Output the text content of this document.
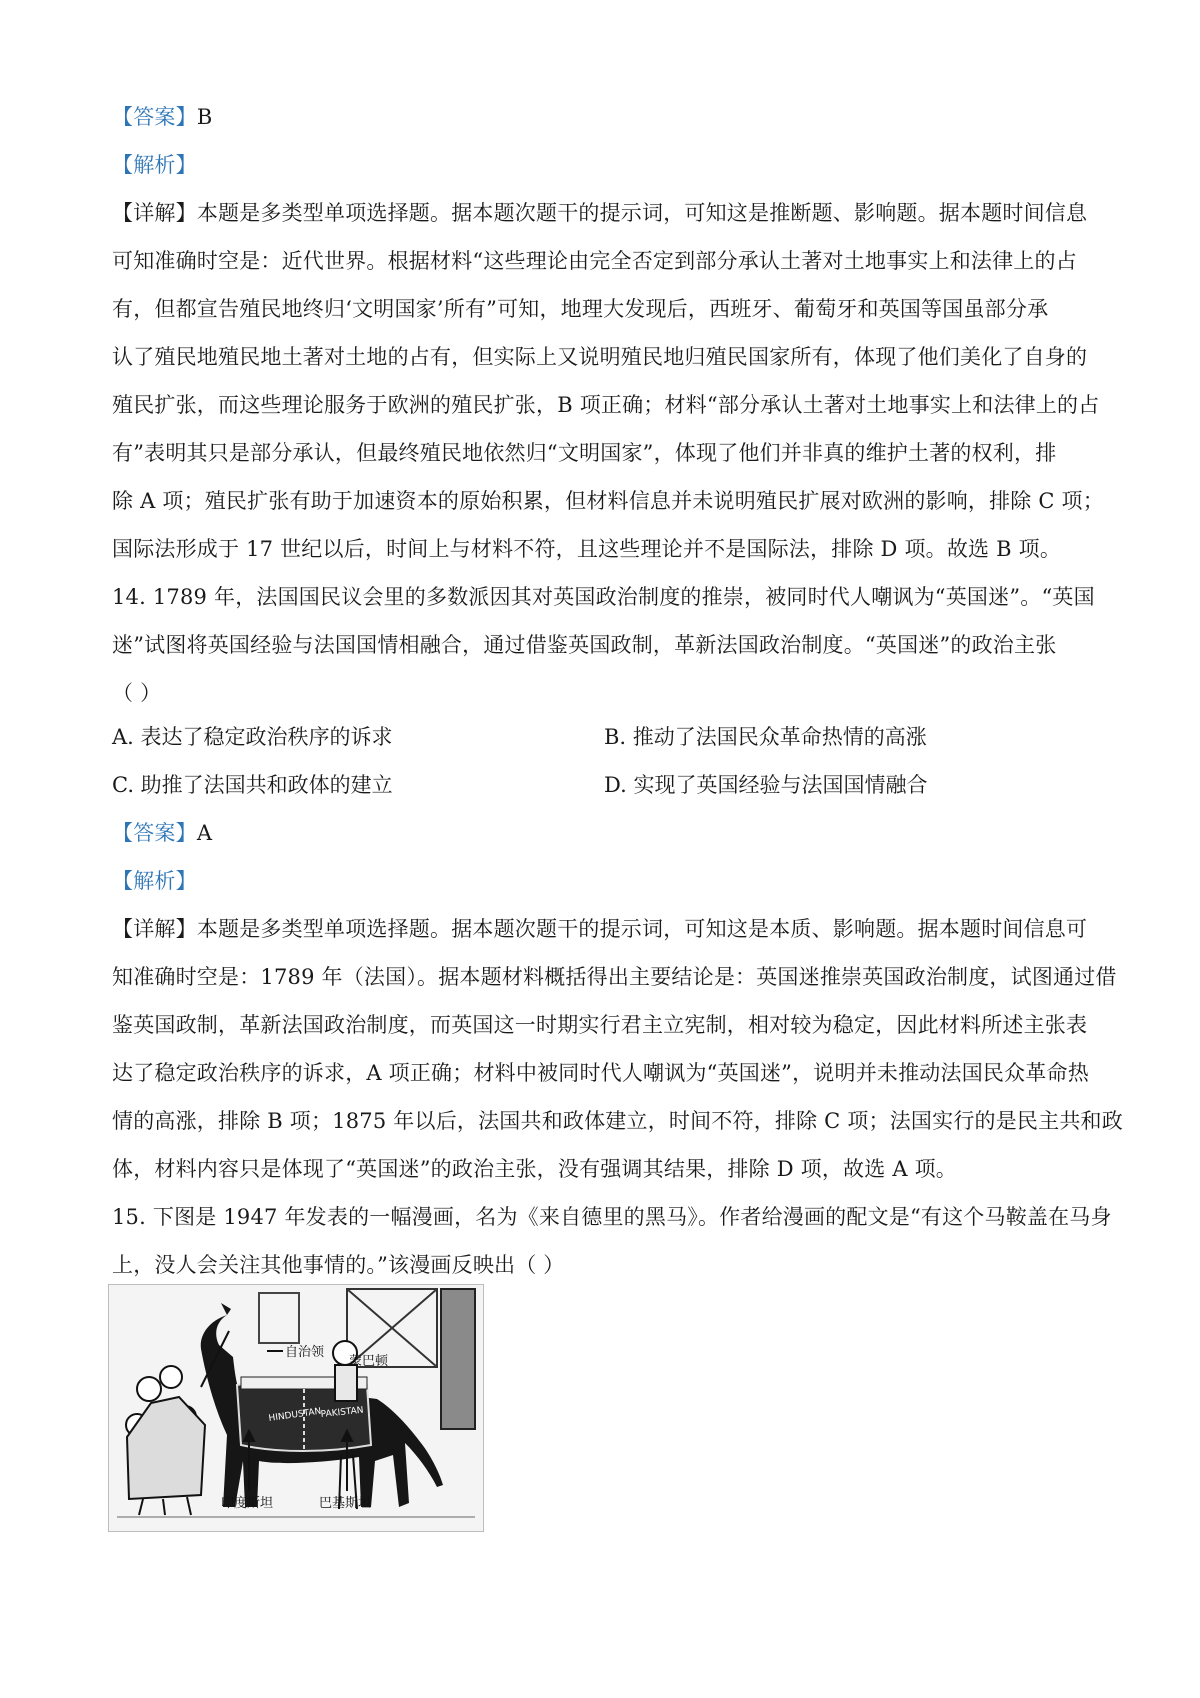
【答案】B
【解析】
【详解】本题是多类型单项选择题。据本题次题干的提示词，可知这是推断题、影响题。据本题时间信息
可知准确时空是：近代世界。根据材料“这些理论由完全否定到部分承认土著对土地事实上和法律上的占
有，但都宣告殖民地终归‘文明国家’所有”可知，地理大发现后，西班牙、葡萄牙和英国等国虽部分承
认了殖民地殖民地土著对土地的占有，但实际上又说明殖民地归殖民国家所有，体现了他们美化了自身的
殖民扩张，而这些理论服务于欧洲的殖民扩张，B 项正确；材料“部分承认土著对土地事实上和法律上的占
有”表明其只是部分承认，但最终殖民地依然归“文明国家”，体现了他们并非真的维护土著的权利，排
除 A 项；殖民扩张有助于加速资本的原始积累，但材料信息并未说明殖民扩展对欧洲的影响，排除 C 项；
国际法形成于 17 世纪以后，时间上与材料不符，且这些理论并不是国际法，排除 D 项。故选 B 项。
14. 1789 年，法国国民议会里的多数派因其对英国政治制度的推崇，被同时代人嘲讽为“英国迷”。“英国
迷”试图将英国经验与法国国情相融合，通过借鉴英国政制，革新法国政治制度。“英国迷”的政治主张
（ ）
A. 表达了稳定政治秩序的诉求	B. 推动了法国民众革命热情的高涨
C. 助推了法国共和政体的建立	D. 实现了英国经验与法国国情融合
【答案】A
【解析】
【详解】本题是多类型单项选择题。据本题次题干的提示词，可知这是本质、影响题。据本题时间信息可
知准确时空是：1789 年（法国）。据本题材料概括得出主要结论是：英国迷推崇英国政治制度，试图通过借
鉴英国政制，革新法国政治制度，而英国这一时期实行君主立宪制，相对较为稳定，因此材料所述主张表
达了稳定政治秩序的诉求，A 项正确；材料中被同时代人嘲讽为“英国迷”，说明并未推动法国民众革命热
情的高涨，排除 B 项；1875 年以后，法国共和政体建立，时间不符，排除 C 项；法国实行的是民主共和政
体，材料内容只是体现了“英国迷”的政治主张，没有强调其结果，排除 D 项，故选 A 项。
15. 下图是 1947 年发表的一幅漫画，名为《来自德里的黑马》。作者给漫画的配文是“有这个马鞍盖在马身
上，没人会关注其他事情的。”该漫画反映出（ ）
HINDUSTAN
PAKISTAN
自治领
蒙巴顿
印度斯坦	巴基斯坦
